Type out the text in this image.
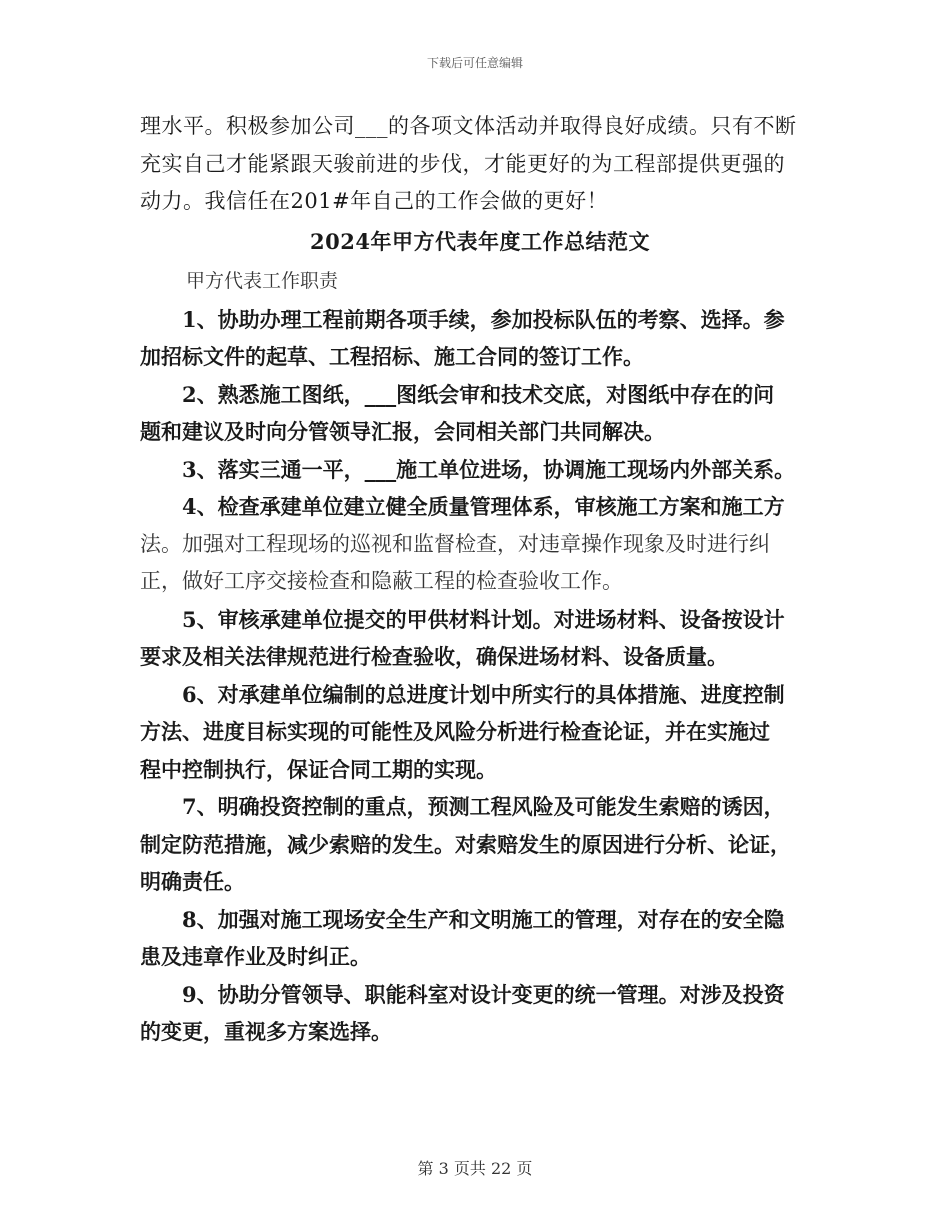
下载后可任意编辑
理水平。积极参加公司___的各项文体活动并取得良好成绩。只有不断
充实自己才能紧跟天骏前进的步伐，才能更好的为工程部提供更强的
动力。我信任在201#年自己的工作会做的更好！
2024年甲方代表年度工作总结范文
甲方代表工作职责
1、协助办理工程前期各项手续，参加投标队伍的考察、选择。参
加招标文件的起草、工程招标、施工合同的签订工作。
2、熟悉施工图纸，___图纸会审和技术交底，对图纸中存在的问
题和建议及时向分管领导汇报，会同相关部门共同解决。
3、落实三通一平，___施工单位进场，协调施工现场内外部关系。
4、检查承建单位建立健全质量管理体系，审核施工方案和施工方
法。加强对工程现场的巡视和监督检查，对违章操作现象及时进行纠
正，做好工序交接检查和隐蔽工程的检查验收工作。
5、审核承建单位提交的甲供材料计划。对进场材料、设备按设计
要求及相关法律规范进行检查验收，确保进场材料、设备质量。
6、对承建单位编制的总进度计划中所实行的具体措施、进度控制
方法、进度目标实现的可能性及风险分析进行检查论证，并在实施过
程中控制执行，保证合同工期的实现。
7、明确投资控制的重点，预测工程风险及可能发生索赔的诱因，
制定防范措施，减少索赔的发生。对索赔发生的原因进行分析、论证，
明确责任。
8、加强对施工现场安全生产和文明施工的管理，对存在的安全隐
患及违章作业及时纠正。
9、协助分管领导、职能科室对设计变更的统一管理。对涉及投资
的变更，重视多方案选择。
第 3 页共 22 页
